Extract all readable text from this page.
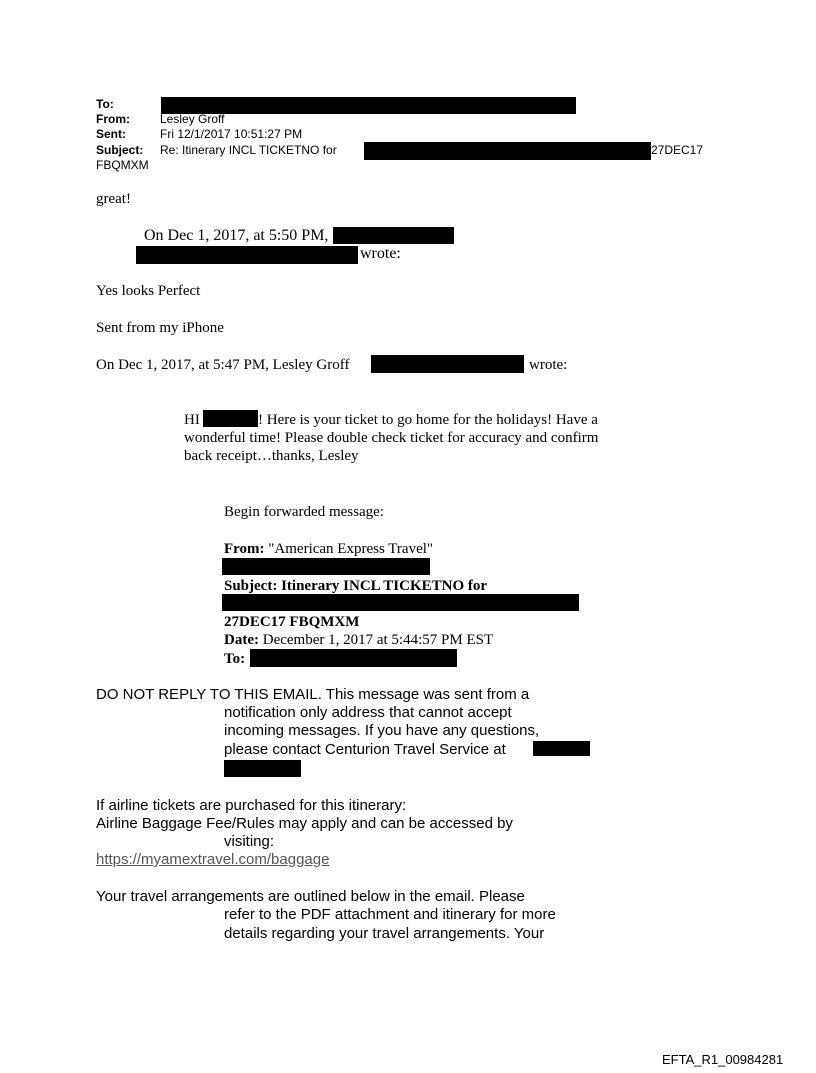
To:
From:	Lesley Groff
Sent:	Fri 12/1/2017 10:51:27 PM
Subject: Re: Itinerary INCL TICKETNO for	27DEC17
FBQMXM
great!
On Dec 1, 2017, at 5:50 PM,
wrote:
Yes looks Perfect
Sent from my iPhone
On Dec 1, 2017, at 5:47 PM, Lesley Groff	wrote:
HI	! Here is your ticket to go home for the holidays! Have a
wonderful time! Please double check ticket for accuracy and confirm
back receipt…thanks, Lesley
Begin forwarded message:
From: "American Express Travel"
Subject: Itinerary INCL TICKETNO for
27DEC17 FBQMXM
Date: December 1, 2017 at 5:44:57 PM EST
To:
DO NOT REPLY TO THIS EMAIL. This message was sent from a
notification only address that cannot accept
incoming messages. If you have any questions,
please contact Centurion Travel Service at
If airline tickets are purchased for this itinerary:
Airline Baggage Fee/Rules may apply and can be accessed by
visiting:
https://myamextravel.com/baggage
Your travel arrangements are outlined below in the email. Please
refer to the PDF attachment and itinerary for more
details regarding your travel arrangements. Your
EFTA_R1_00984281
